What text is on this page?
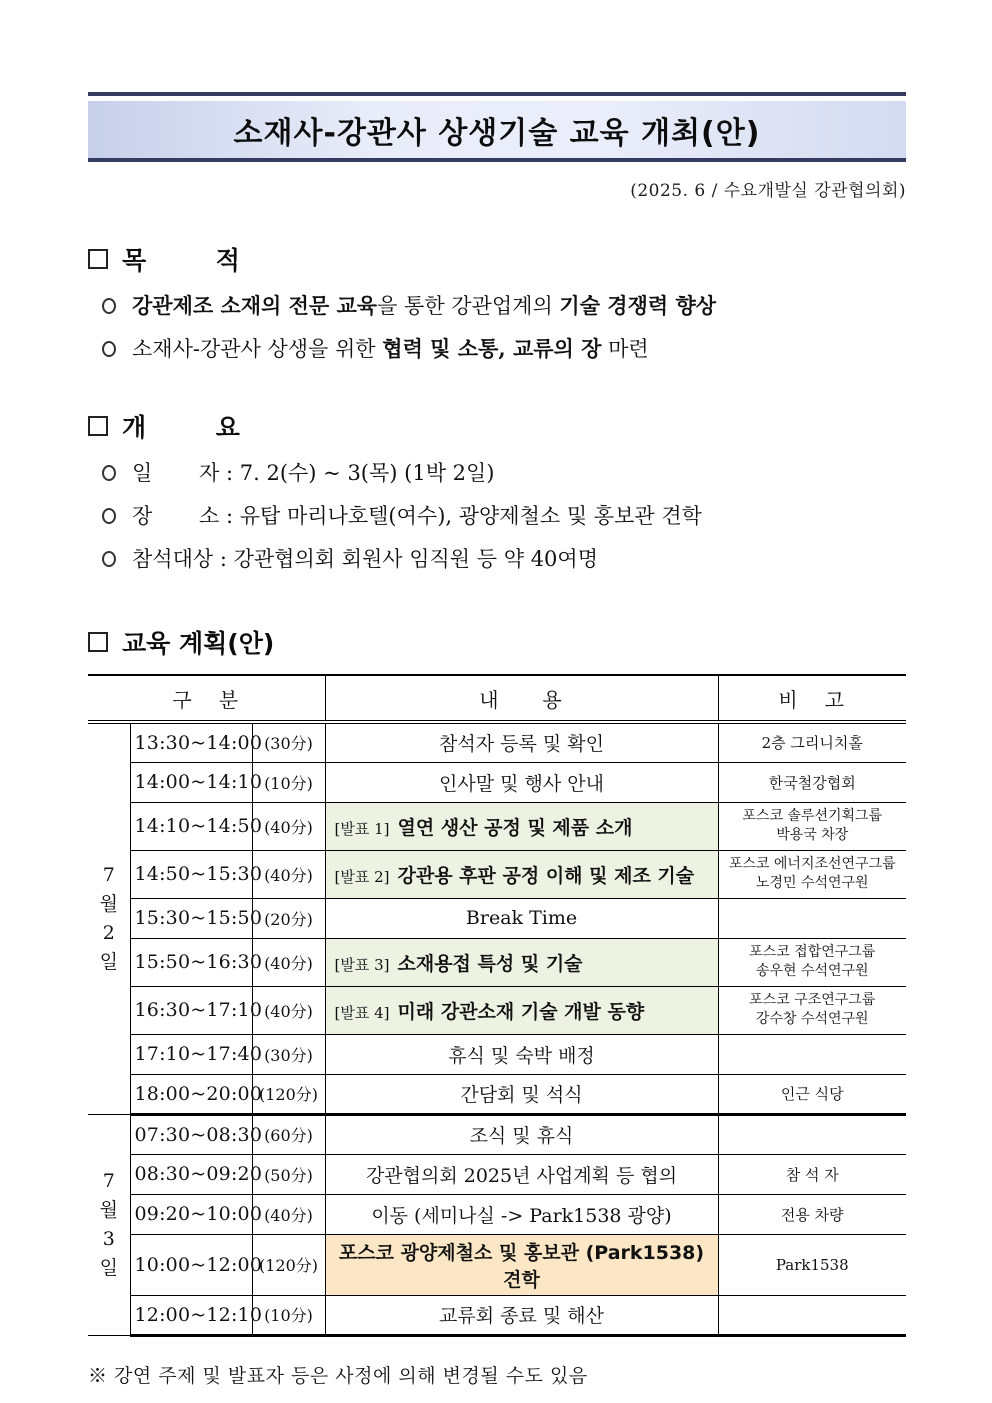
소재사-강관사 상생기술 교육 개최(안)
(2025. 6 / 수요개발실 강관협의회)
목        적
강관제조 소재의 전문 교육을 통한 강관업계의 기술 경쟁력 향상
소재사-강관사 상생을 위한 협력 및 소통, 교류의 장 마련
개        요
일       자 : 7. 2(수) ~ 3(목) (1박 2일)
장       소 : 유탑 마리나호텔(여수), 광양제철소 및 홍보관 견학
참석대상 : 강관협의회 회원사 임직원 등 약 40여명
교육 계획(안)
구   분			내     용	비   고

7
월
2
일	13:30~14:00	(30分)	참석자 등록 및 확인	2층 그리니치홀

	14:00~14:10	(10分)	인사말 및 행사 안내	한국철강협회

	14:10~14:50	(40分)	[발표 1] 열연 생산 공정 및 제품 소개	포스코 솔루션기획그룹
박용국 차장

	14:50~15:30	(40分)	[발표 2] 강관용 후판 공정 이해 및 제조 기술	포스코 에너지조선연구그룹
노경민 수석연구원

	15:30~15:50	(20分)	Break Time	
	15:50~16:30	(40分)	[발표 3] 소재용접 특성 및 기술	포스코 접합연구그룹
송우현 수석연구원

	16:30~17:10	(40分)	[발표 4] 미래 강관소재 기술 개발 동향	포스코 구조연구그룹
강수창 수석연구원

	17:10~17:40	(30分)	휴식 및 숙박 배정	
	18:00~20:00	(120分)	간담회 및 석식	인근 식당

7
월
3
일	07:30~08:30	(60分)	조식 및 휴식	
	08:30~09:20	(50分)	강관협의회 2025년 사업계획 등 협의	참 석 자

	09:20~10:00	(40分)	이동 (세미나실 -> Park1538 광양)	전용 차량

	10:00~12:00	(120分)	포스코 광양제철소 및 홍보관 (Park1538) 견학	Park1538

	12:00~12:10	(10分)	교류회 종료 및 해산	
※ 강연 주제 및 발표자 등은 사정에 의해 변경될 수도 있음
